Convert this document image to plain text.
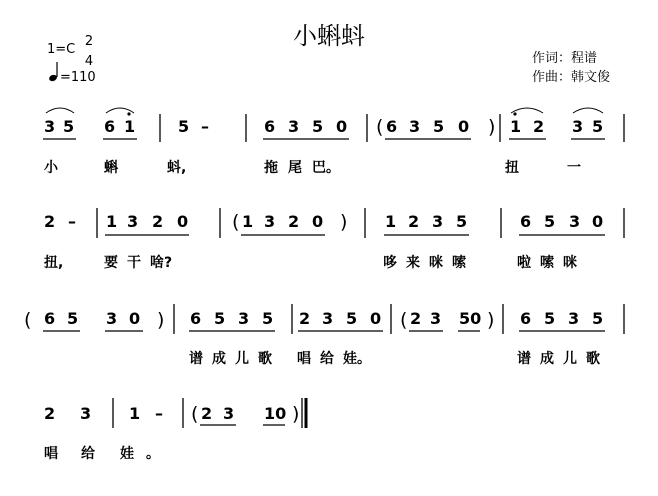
小蝌蚪
1=C
2
4
=110
作词：程谱
作曲：韩文俊
3 5 6 1	5 –	6 3 5 0 ( 6 3 5 0 ) 1 2 3 5
小	蝌	蚪,	拖 尾 巴。	扭	一
2 – 1 3 2 0 ( 1 3 2 0 ) 1 2 3 5	6 5 3 0
扭,	要 干 啥?	哆 来 咪 嗦	啦 嗦 咪
( 6 5 3 0 ) 6 5 3 5 2 3 5 0 ( 2 3 50 ) 6 5 3 5
谱 成 儿 歌 唱 给 娃。	谱 成 儿 歌
2 3 1 – ( 2 3 10 )
唱 给 娃 。
